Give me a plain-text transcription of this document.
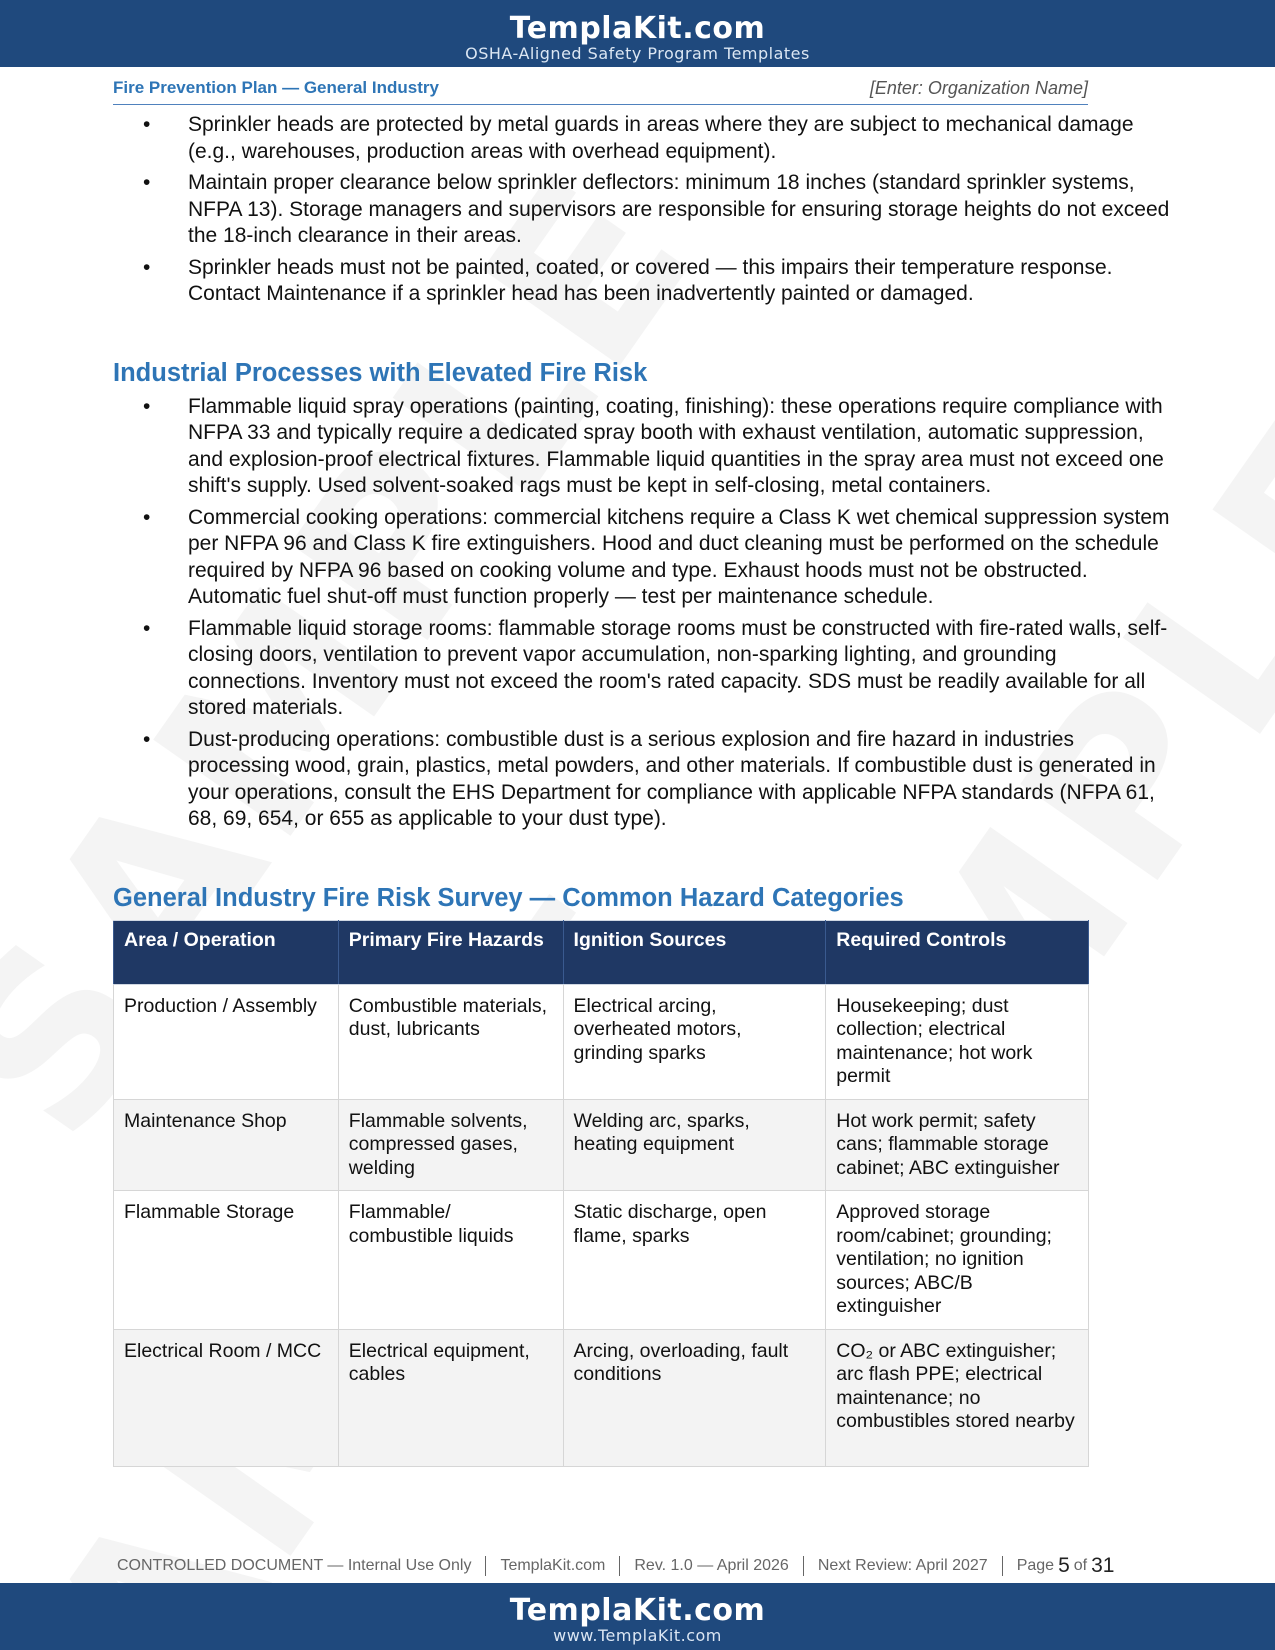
TemplaKit.com
OSHA-Aligned Safety Program Templates
Fire Prevention Plan — General Industry	[Enter: Organization Name]
• Sprinkler heads are protected by metal guards in areas where they are subject to mechanical damage (e.g., warehouses, production areas with overhead equipment).
• Maintain proper clearance below sprinkler deflectors: minimum 18 inches (standard sprinkler systems, NFPA 13). Storage managers and supervisors are responsible for ensuring storage heights do not exceed the 18-inch clearance in their areas.
• Sprinkler heads must not be painted, coated, or covered — this impairs their temperature response. Contact Maintenance if a sprinkler head has been inadvertently painted or damaged.
Industrial Processes with Elevated Fire Risk
• Flammable liquid spray operations (painting, coating, finishing): these operations require compliance with NFPA 33 and typically require a dedicated spray booth with exhaust ventilation, automatic suppression, and explosion-proof electrical fixtures. Flammable liquid quantities in the spray area must not exceed one shift's supply. Used solvent-soaked rags must be kept in self-closing, metal containers.
• Commercial cooking operations: commercial kitchens require a Class K wet chemical suppression system per NFPA 96 and Class K fire extinguishers. Hood and duct cleaning must be performed on the schedule required by NFPA 96 based on cooking volume and type. Exhaust hoods must not be obstructed. Automatic fuel shut-off must function properly — test per maintenance schedule.
• Flammable liquid storage rooms: flammable storage rooms must be constructed with fire-rated walls, self-closing doors, ventilation to prevent vapor accumulation, non-sparking lighting, and grounding connections. Inventory must not exceed the room's rated capacity. SDS must be readily available for all stored materials.
• Dust-producing operations: combustible dust is a serious explosion and fire hazard in industries processing wood, grain, plastics, metal powders, and other materials. If combustible dust is generated in your operations, consult the EHS Department for compliance with applicable NFPA standards (NFPA 61, 68, 69, 654, or 655 as applicable to your dust type).
General Industry Fire Risk Survey — Common Hazard Categories
Area / Operation	Primary Fire Hazards	Ignition Sources	Required Controls
Production / Assembly	Combustible materials, dust, lubricants	Electrical arcing, overheated motors, grinding sparks	Housekeeping; dust collection; electrical maintenance; hot work permit
Maintenance Shop	Flammable solvents, compressed gases, welding	Welding arc, sparks, heating equipment	Hot work permit; safety cans; flammable storage cabinet; ABC extinguisher
Flammable Storage	Flammable/ combustible liquids	Static discharge, open flame, sparks	Approved storage room/cabinet; grounding; ventilation; no ignition sources; ABC/B extinguisher
Electrical Room / MCC	Electrical equipment, cables	Arcing, overloading, fault conditions	CO₂ or ABC extinguisher; arc flash PPE; electrical maintenance; no combustibles stored nearby
CONTROLLED DOCUMENT — Internal Use Only TemplaKit.com Rev. 1.0 — April 2026 Next Review: April 2027 Page 5 of 31
TemplaKit.com
www.TemplaKit.com
